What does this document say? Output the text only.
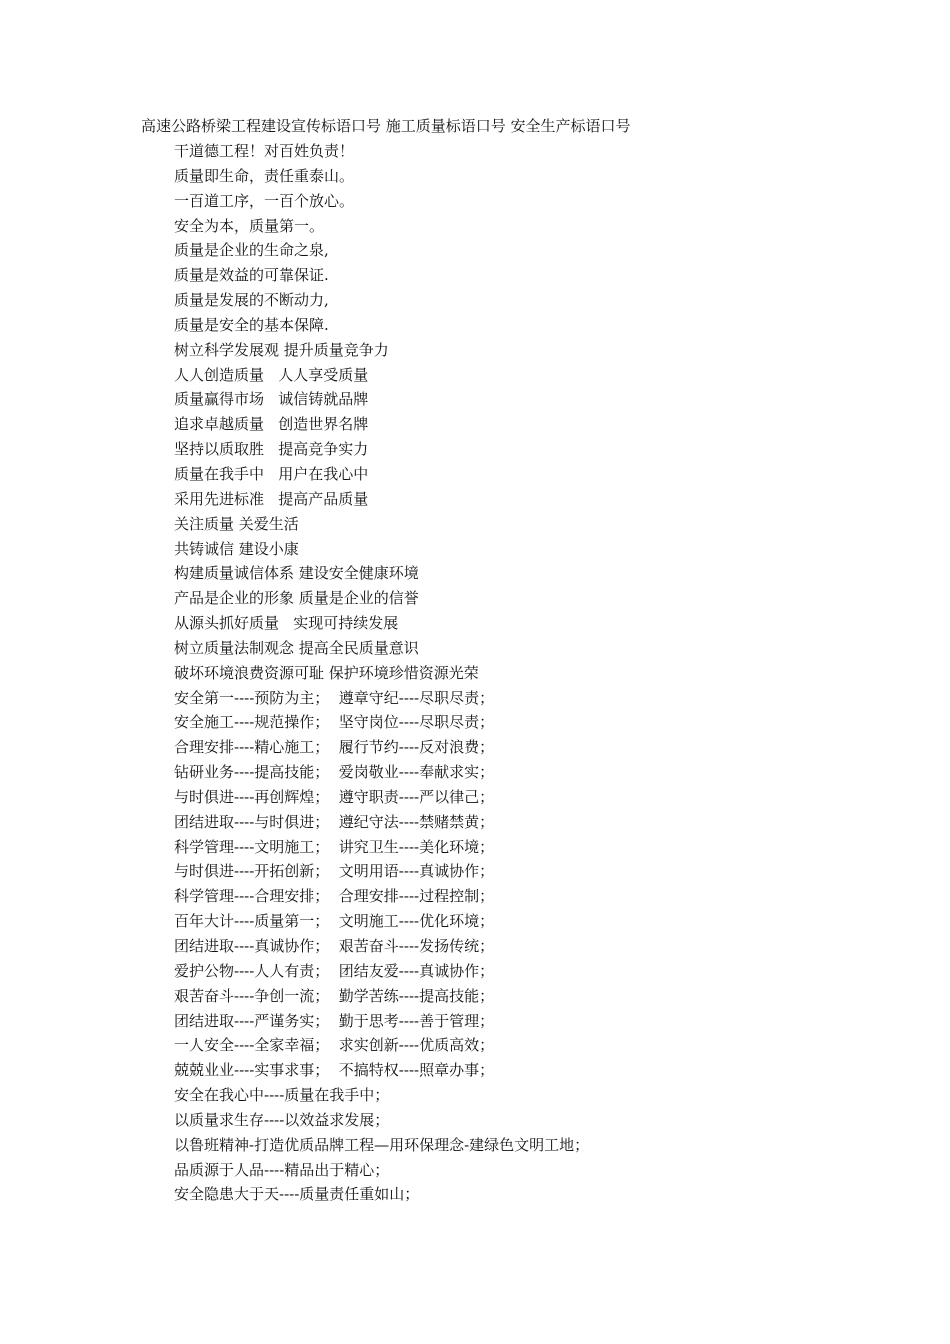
高速公路桥梁工程建设宣传标语口号 施工质量标语口号 安全生产标语口号
干道德工程！对百姓负责！
质量即生命，责任重泰山。
一百道工序，一百个放心。
安全为本，质量第一。
质量是企业的生命之泉,
质量是效益的可靠保证.
质量是发展的不断动力,
质量是安全的基本保障.
树立科学发展观 提升质量竞争力
人人创造质量   人人享受质量
质量赢得市场   诚信铸就品牌
追求卓越质量   创造世界名牌
坚持以质取胜   提高竞争实力
质量在我手中   用户在我心中
采用先进标准   提高产品质量
关注质量 关爱生活
共铸诚信 建设小康
构建质量诚信体系 建设安全健康环境
产品是企业的形象 质量是企业的信誉
从源头抓好质量   实现可持续发展
树立质量法制观念 提高全民质量意识
破坏环境浪费资源可耻 保护环境珍惜资源光荣
安全第一----预防为主；  遵章守纪----尽职尽责；
安全施工----规范操作；  坚守岗位----尽职尽责；
合理安排----精心施工；  履行节约----反对浪费；
钻研业务----提高技能；  爱岗敬业----奉献求实；
与时俱进----再创辉煌；  遵守职责----严以律己；
团结进取----与时俱进；  遵纪守法----禁赌禁黄；
科学管理----文明施工；  讲究卫生----美化环境；
与时俱进----开拓创新；  文明用语----真诚协作；
科学管理----合理安排；  合理安排----过程控制；
百年大计----质量第一；  文明施工----优化环境；
团结进取----真诚协作；  艰苦奋斗----发扬传统；
爱护公物----人人有责；  团结友爱----真诚协作；
艰苦奋斗----争创一流；  勤学苦练----提高技能；
团结进取----严谨务实；  勤于思考----善于管理；
一人安全----全家幸福；  求实创新----优质高效；
兢兢业业----实事求事；  不搞特权----照章办事；
安全在我心中----质量在我手中；
以质量求生存----以效益求发展；
以鲁班精神-打造优质品牌工程—用环保理念-建绿色文明工地；
品质源于人品----精品出于精心；
安全隐患大于天----质量责任重如山；
